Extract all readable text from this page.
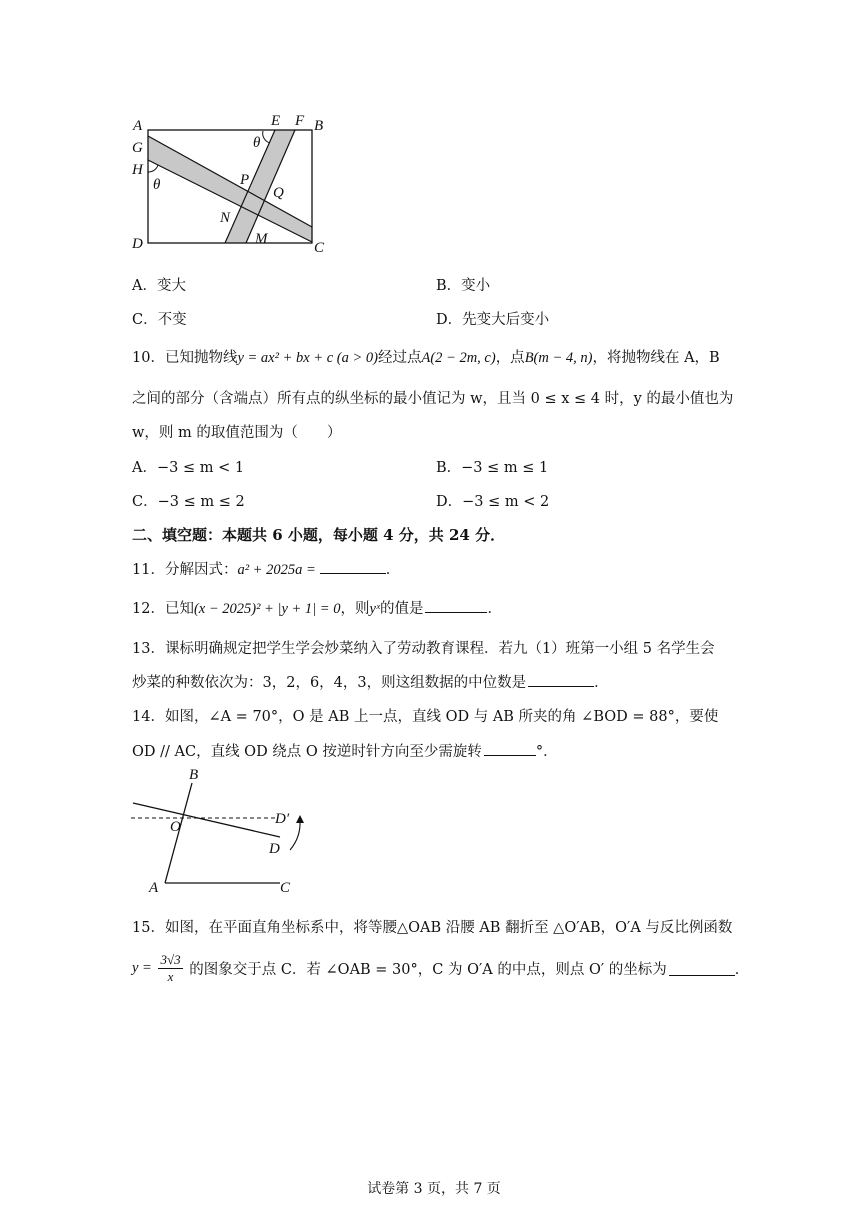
A	B
C
D
E F
G
H
P
Q
N
M
θ
θ
A．变大	B．变小
C．不变	D．先变大后变小
10．已知抛物线y = ax² + bx + c (a > 0)经过点A(2 − 2m, c)，点B(m − 4, n)，将抛物线在 A，B
之间的部分（含端点）所有点的纵坐标的最小值记为 w，且当 0 ≤ x ≤ 4 时，y 的最小值也为
w，则 m 的取值范围为（　　）
A．−3 ≤ m < 1	B．−3 ≤ m ≤ 1
C．−3 ≤ m ≤ 2	D．−3 ≤ m < 2
二、填空题：本题共 6 小题，每小题 4 分，共 24 分．
11．分解因式：a² + 2025a =	．
12．已知(x − 2025)² + |y + 1| = 0，则yˣ的值是	．
13．课标明确规定把学生学会炒菜纳入了劳动教育课程．若九（1）班第一小组 5 名学生会
炒菜的种数依次为：3，2，6，4，3，则这组数据的中位数是	．
14．如图，∠A = 70°，O 是 AB 上一点，直线 OD 与 AB 所夹的角 ∠BOD = 88°，要使
OD // AC，直线 OD 绕点 O 按逆时针方向至少需旋转	°．
B
O	D′
D
A	C
15．如图，在平面直角坐标系中，将等腰△OAB 沿腰 AB 翻折至 △O′AB，O′A 与反比例函数
$y = \frac{3√3}{x}$ 的图象交于点 C．若 ∠OAB = 30°，C 为 O′A 的中点，则点 O′ 的坐标为	．
试卷第 3 页，共 7 页
